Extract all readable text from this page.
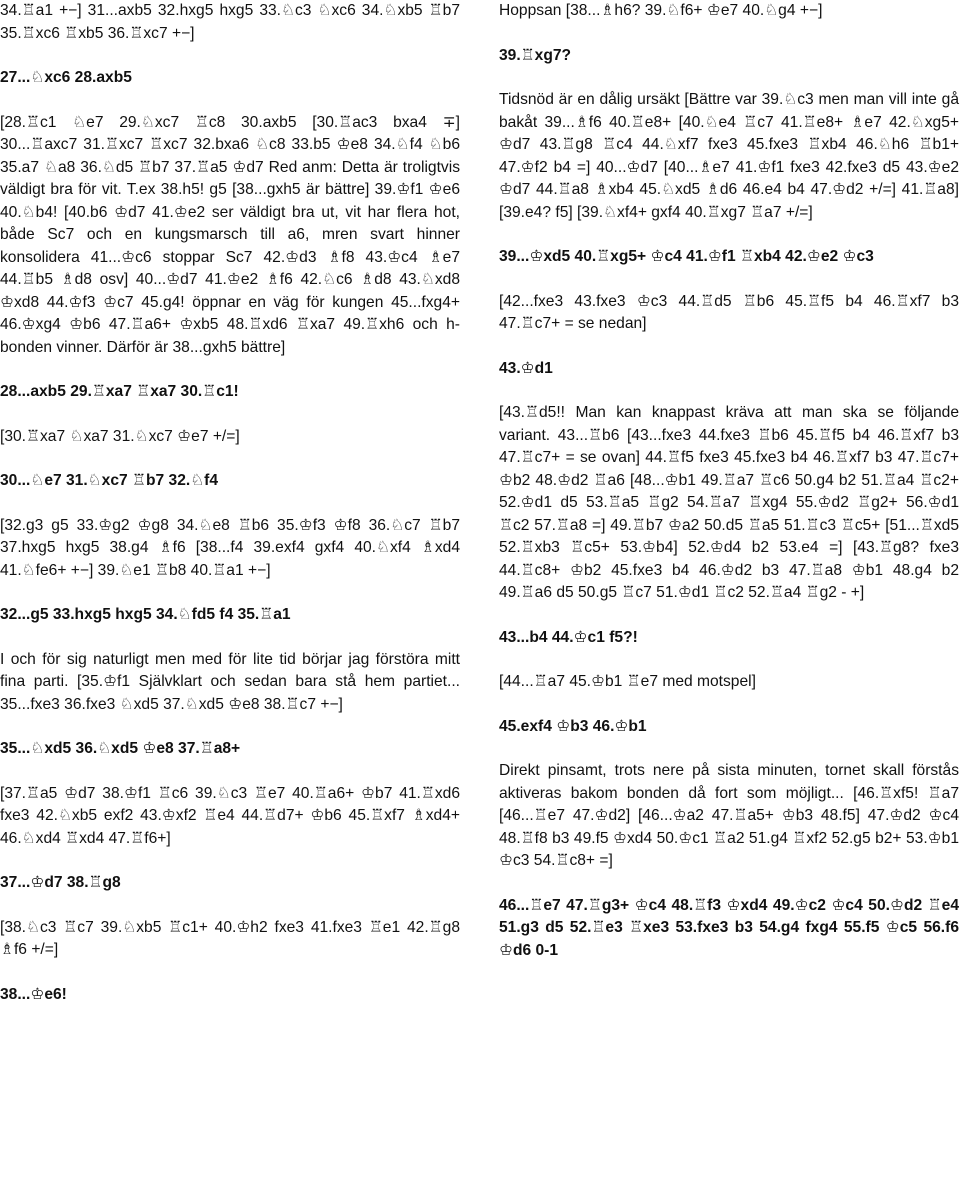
34.♖a1 +−] 31...axb5 32.hxg5 hxg5 33.♘c3 ♘xc6 34.♘xb5 ♖b7 35.♖xc6 ♖xb5 36.♖xc7 +−]

27...♘xc6 28.axb5

[28.♖c1 ♘e7 29.♘xc7 ♖c8 30.axb5 [30.♖ac3 bxa4 ∓] 30...♖axc7 31.♖xc7 ♖xc7 32.bxa6 ♘c8 33.b5 ♔e8 34.♘f4 ♘b6 35.a7 ♘a8 36.♘d5 ♖b7 37.♖a5 ♔d7 Red anm: Detta är troligtvis väldigt bra för vit. T.ex 38.h5! g5 [38...gxh5 är bättre] 39.♔f1 ♔e6 40.♘b4! [40.b6 ♔d7 41.♔e2 ser väldigt bra ut, vit har flera hot, både Sc7 och en kungsmarsch till a6, mren svart hinner konsolidera 41...♔c6 stoppar Sc7 42.♔d3 ♗f8 43.♔c4 ♗e7 44.♖b5 ♗d8 osv] 40...♔d7 41.♔e2 ♗f6 42.♘c6 ♗d8 43.♘xd8 ♔xd8 44.♔f3 ♔c7 45.g4! öppnar en väg för kungen 45...fxg4+ 46.♔xg4 ♔b6 47.♖a6+ ♔xb5 48.♖xd6 ♖xa7 49.♖xh6 och h-bonden vinner. Därför är 38...gxh5 bättre]

28...axb5 29.♖xa7 ♖xa7 30.♖c1!

[30.♖xa7 ♘xa7 31.♘xc7 ♔e7 +/=]

30...♘e7 31.♘xc7 ♖b7 32.♘f4

[32.g3 g5 33.♔g2 ♔g8 34.♘e8 ♖b6 35.♔f3 ♔f8 36.♘c7 ♖b7 37.hxg5 hxg5 38.g4 ♗f6 [38...f4 39.exf4 gxf4 40.♘xf4 ♗xd4 41.♘fe6+ +−] 39.♘e1 ♖b8 40.♖a1 +−]

32...g5 33.hxg5 hxg5 34.♘fd5 f4 35.♖a1

I och för sig naturligt men med för lite tid börjar jag förstöra mitt fina parti. [35.♔f1 Självklart och sedan bara stå hem partiet... 35...fxe3 36.fxe3 ♘xd5 37.♘xd5 ♔e8 38.♖c7 +−]

35...♘xd5 36.♘xd5 ♔e8 37.♖a8+

[37.♖a5 ♔d7 38.♔f1 ♖c6 39.♘c3 ♖e7 40.♖a6+ ♔b7 41.♖xd6 fxe3 42.♘xb5 exf2 43.♔xf2 ♖e4 44.♖d7+ ♔b6 45.♖xf7 ♗xd4+ 46.♘xd4 ♖xd4 47.♖f6+]

37...♔d7 38.♖g8

[38.♘c3 ♖c7 39.♘xb5 ♖c1+ 40.♔h2 fxe3 41.fxe3 ♖e1 42.♖g8 ♗f6 +/=]

38...♔e6!

Hoppsan [38...♗h6? 39.♘f6+ ♔e7 40.♘g4 +−]

39.♖xg7?

Tidsnöd är en dålig ursäkt [Bättre var 39.♘c3 men man vill inte gå bakåt 39...♗f6 40.♖e8+ [40.♘e4 ♖c7 41.♖e8+ ♗e7 42.♘xg5+ ♔d7 43.♖g8 ♖c4 44.♘xf7 fxe3 45.fxe3 ♖xb4 46.♘h6 ♖b1+ 47.♔f2 b4 =] 40...♔d7 [40...♗e7 41.♔f1 fxe3 42.fxe3 d5 43.♔e2 ♔d7 44.♖a8 ♗xb4 45.♘xd5 ♗d6 46.e4 b4 47.♔d2 +/=] 41.♖a8] [39.e4? f5] [39.♘xf4+ gxf4 40.♖xg7 ♖a7 +/=]

39...♔xd5 40.♖xg5+ ♔c4 41.♔f1 ♖xb4 42.♔e2 ♔c3

[42...fxe3 43.fxe3 ♔c3 44.♖d5 ♖b6 45.♖f5 b4 46.♖xf7 b3 47.♖c7+ = se nedan]

43.♔d1

[43.♖d5!! Man kan knappast kräva att man ska se följande variant. 43...♖b6 [43...fxe3 44.fxe3 ♖b6 45.♖f5 b4 46.♖xf7 b3 47.♖c7+ = se ovan] 44.♖f5 fxe3 45.fxe3 b4 46.♖xf7 b3 47.♖c7+ ♔b2 48.♔d2 ♖a6 [48...♔b1 49.♖a7 ♖c6 50.g4 b2 51.♖a4 ♖c2+ 52.♔d1 d5 53.♖a5 ♖g2 54.♖a7 ♖xg4 55.♔d2 ♖g2+ 56.♔d1 ♖c2 57.♖a8 =] 49.♖b7 ♔a2 50.d5 ♖a5 51.♖c3 ♖c5+ [51...♖xd5 52.♖xb3 ♖c5+ 53.♔b4] 52.♔d4 b2 53.e4 =] [43.♖g8? fxe3 44.♖c8+ ♔b2 45.fxe3 b4 46.♔d2 b3 47.♖a8 ♔b1 48.g4 b2 49.♖a6 d5 50.g5 ♖c7 51.♔d1 ♖c2 52.♖a4 ♖g2 - +]

43...b4 44.♔c1 f5?!

[44...♖a7 45.♔b1 ♖e7 med motspel]

45.exf4 ♔b3 46.♔b1

Direkt pinsamt, trots nere på sista minuten, tornet skall förstås aktiveras bakom bonden då fort som möjligt... [46.♖xf5! ♖a7 [46...♖e7 47.♔d2] [46...♔a2 47.♖a5+ ♔b3 48.f5] 47.♔d2 ♔c4 48.♖f8 b3 49.f5 ♔xd4 50.♔c1 ♖a2 51.g4 ♖xf2 52.g5 b2+ 53.♔b1 ♔c3 54.♖c8+ =]

46...♖e7 47.♖g3+ ♔c4 48.♖f3 ♔xd4 49.♔c2 ♔c4 50.♔d2 ♖e4 51.g3 d5 52.♖e3 ♖xe3 53.fxe3 b3 54.g4 fxg4 55.f5 ♔c5 56.f6 ♔d6 0-1
